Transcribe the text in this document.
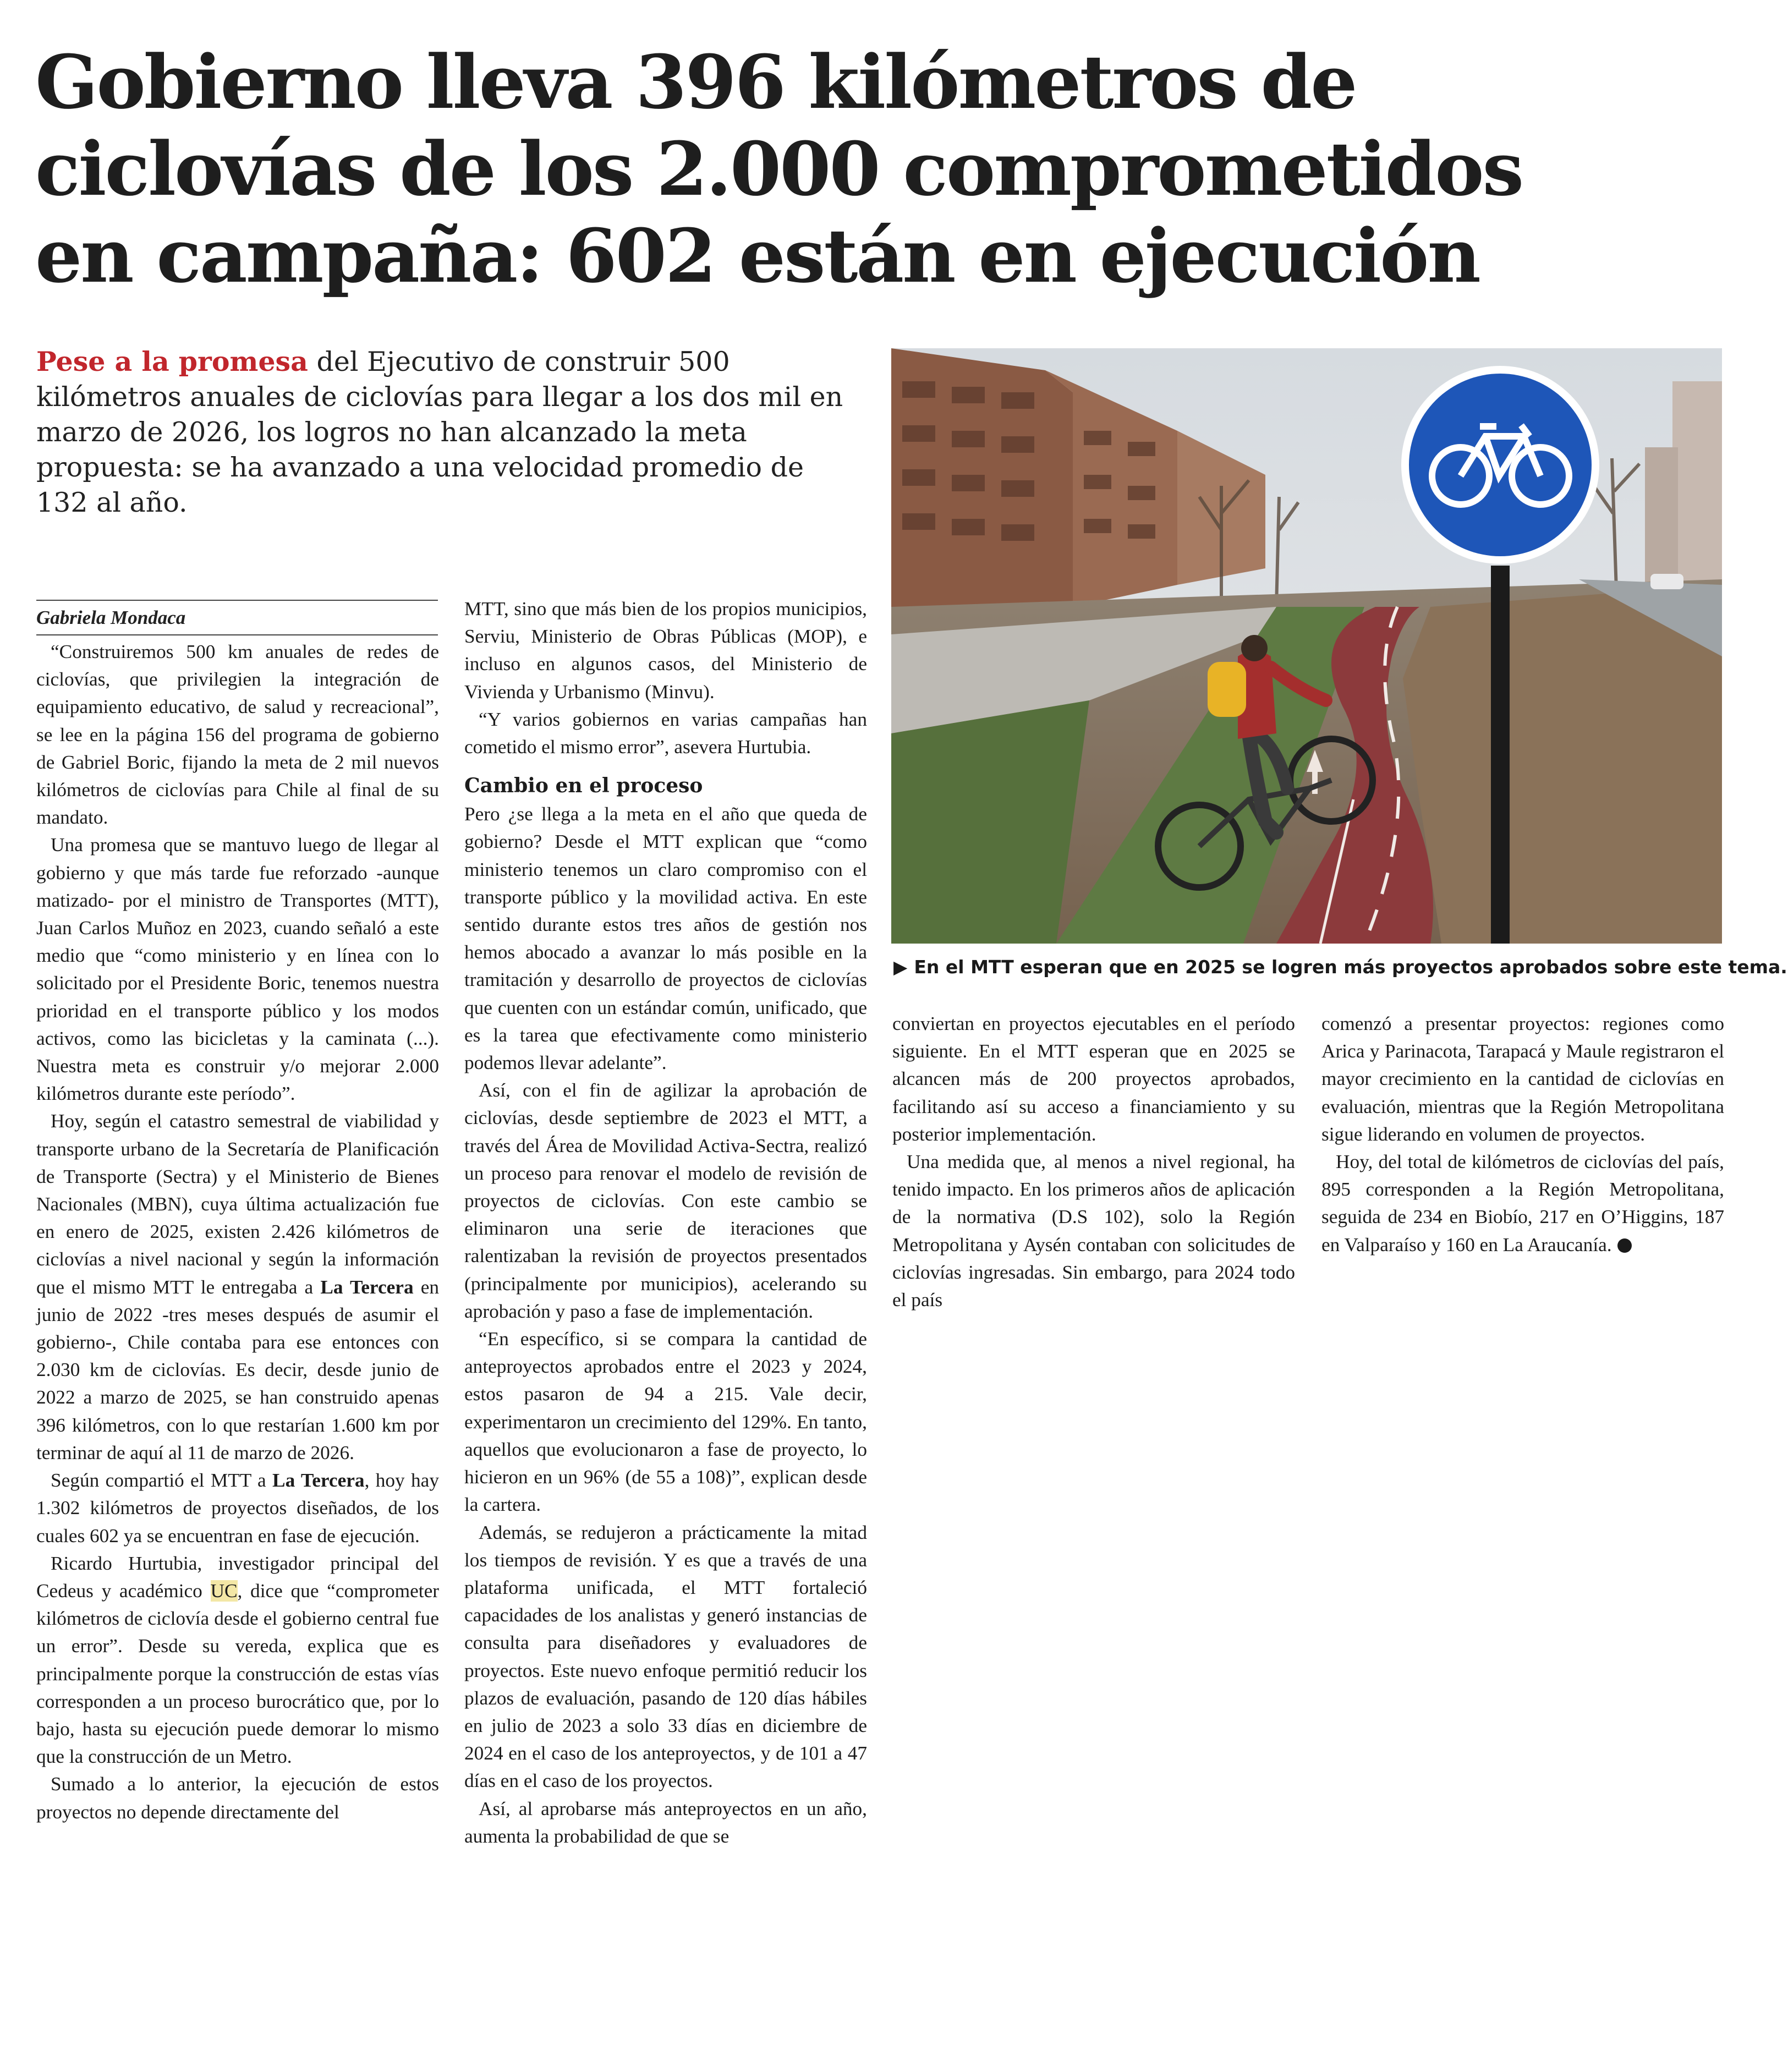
Gobierno lleva 396 kilómetros de
ciclovías de los 2.000 comprometidos
en campaña: 602 están en ejecución
Pese a la promesa del Ejecutivo de construir 500 kilómetros anuales de ciclovías para llegar a los dos mil en marzo de 2026, los logros no han alcanzado la meta propuesta: se ha avanzado a una velocidad promedio de 132 al año.
▶ En el MTT esperan que en 2025 se logren más proyectos aprobados sobre este tema.
Gabriela Mondaca

“Construiremos 500 km anuales de redes de ciclovías, que privilegien la integración de equipamiento educativo, de salud y recreacional”, se lee en la página 156 del programa de gobierno de Gabriel Boric, fijando la meta de 2 mil nuevos kilómetros de ciclovías para Chile al final de su mandato.

Una promesa que se mantuvo luego de llegar al gobierno y que más tarde fue reforzado -aunque matizado- por el ministro de Transportes (MTT), Juan Carlos Muñoz en 2023, cuando señaló a este medio que “como ministerio y en línea con lo solicitado por el Presidente Boric, tenemos nuestra prioridad en el transporte público y los modos activos, como las bicicletas y la caminata (...). Nuestra meta es construir y/o mejorar 2.000 kilómetros durante este período”.

Hoy, según el catastro semestral de viabilidad y transporte urbano de la Secretaría de Planificación de Transporte (Sectra) y el Ministerio de Bienes Nacionales (MBN), cuya última actualización fue en enero de 2025, existen 2.426 kilómetros de ciclovías a nivel nacional y según la información que el mismo MTT le entregaba a La Tercera en junio de 2022 -tres meses después de asumir el gobierno-, Chile contaba para ese entonces con 2.030 km de ciclovías. Es decir, desde junio de 2022 a marzo de 2025, se han construido apenas 396 kilómetros, con lo que restarían 1.600 km por terminar de aquí al 11 de marzo de 2026.

Según compartió el MTT a La Tercera, hoy hay 1.302 kilómetros de proyectos diseñados, de los cuales 602 ya se encuentran en fase de ejecución.

Ricardo Hurtubia, investigador principal del Cedeus y académico UC, dice que “comprometer kilómetros de ciclovía desde el gobierno central fue un error”. Desde su vereda, explica que es principalmente porque la construcción de estas vías corresponden a un proceso burocrático que, por lo bajo, hasta su ejecución puede demorar lo mismo que la construcción de un Metro.

Sumado a lo anterior, la ejecución de estos proyectos no depende directamente del

MTT, sino que más bien de los propios municipios, Serviu, Ministerio de Obras Públicas (MOP), e incluso en algunos casos, del Ministerio de Vivienda y Urbanismo (Minvu).

“Y varios gobiernos en varias campañas han cometido el mismo error”, asevera Hurtubia.

Cambio en el proceso

Pero ¿se llega a la meta en el año que queda de gobierno? Desde el MTT explican que “como ministerio tenemos un claro compromiso con el transporte público y la movilidad activa. En este sentido durante estos tres años de gestión nos hemos abocado a avanzar lo más posible en la tramitación y desarrollo de proyectos de ciclovías que cuenten con un estándar común, unificado, que es la tarea que efectivamente como ministerio podemos llevar adelante”.

Así, con el fin de agilizar la aprobación de ciclovías, desde septiembre de 2023 el MTT, a través del Área de Movilidad Activa-Sectra, realizó un proceso para renovar el modelo de revisión de proyectos de ciclovías. Con este cambio se eliminaron una serie de iteraciones que ralentizaban la revisión de proyectos presentados (principalmente por municipios), acelerando su aprobación y paso a fase de implementación.

“En específico, si se compara la cantidad de anteproyectos aprobados entre el 2023 y 2024, estos pasaron de 94 a 215. Vale decir, experimentaron un crecimiento del 129%. En tanto, aquellos que evolucionaron a fase de proyecto, lo hicieron en un 96% (de 55 a 108)”, explican desde la cartera.

Además, se redujeron a prácticamente la mitad los tiempos de revisión. Y es que a través de una plataforma unificada, el MTT fortaleció capacidades de los analistas y generó instancias de consulta para diseñadores y evaluadores de proyectos. Este nuevo enfoque permitió reducir los plazos de evaluación, pasando de 120 días hábiles en julio de 2023 a solo 33 días en diciembre de 2024 en el caso de los anteproyectos, y de 101 a 47 días en el caso de los proyectos.

Así, al aprobarse más anteproyectos en un año, aumenta la probabilidad de que se

conviertan en proyectos ejecutables en el período siguiente. En el MTT esperan que en 2025 se alcancen más de 200 proyectos aprobados, facilitando así su acceso a financiamiento y su posterior implementación.

Una medida que, al menos a nivel regional, ha tenido impacto. En los primeros años de aplicación de la normativa (D.S 102), solo la Región Metropolitana y Aysén contaban con solicitudes de ciclovías ingresadas. Sin embargo, para 2024 todo el país

comenzó a presentar proyectos: regiones como Arica y Parinacota, Tarapacá y Maule registraron el mayor crecimiento en la cantidad de ciclovías en evaluación, mientras que la Región Metropolitana sigue liderando en volumen de proyectos.

Hoy, del total de kilómetros de ciclovías del país, 895 corresponden a la Región Metropolitana, seguida de 234 en Biobío, 217 en O’Higgins, 187 en Valparaíso y 160 en La Araucanía.
